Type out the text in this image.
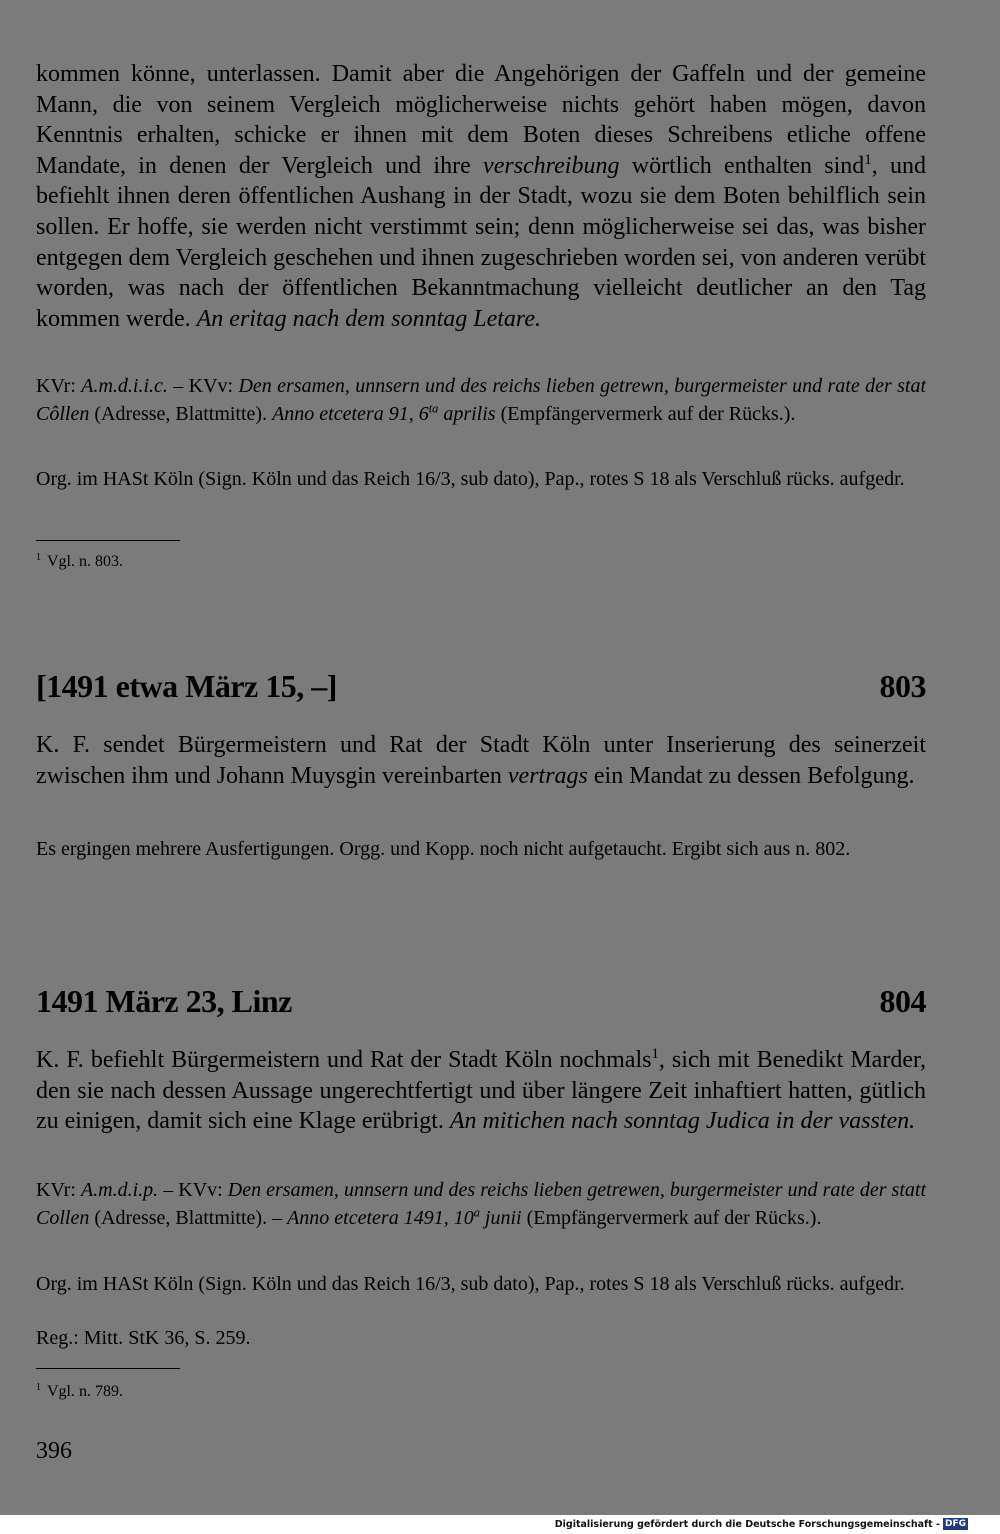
kommen könne, unterlassen. Damit aber die Angehörigen der Gaffeln und der gemeine Mann, die von seinem Vergleich möglicherweise nichts gehört haben mögen, davon Kenntnis erhalten, schicke er ihnen mit dem Boten dieses Schreibens etliche offene Mandate, in denen der Vergleich und ihre verschreibung wörtlich enthalten sind$^1$, und befiehlt ihnen deren öffentlichen Aushang in der Stadt, wozu sie dem Boten behilflich sein sollen. Er hoffe, sie werden nicht verstimmt sein; denn möglicherweise sei das, was bisher entgegen dem Vergleich geschehen und ihnen zugeschrieben worden sei, von anderen verübt worden, was nach der öffentlichen Bekanntmachung vielleicht deutlicher an den Tag kommen werde. An eritag nach dem sonntag Letare.

KVr: A.m.d.i.i.c. – KVv: Den ersamen, unnsern und des reichs lieben getrewn, burgermeister und rate der stat Côllen (Adresse, Blattmitte). Anno etcetera 91, $6^{ta}$ aprilis (Empfängervermerk auf der Rücks.).

Org. im HASt Köln (Sign. Köln und das Reich 16/3, sub dato), Pap., rotes S 18 als Verschluß rücks. aufgedr.

$^1$ Vgl. n. 803.

[1491 etwa März 15, –]	803

K. F. sendet Bürgermeistern und Rat der Stadt Köln unter Inserierung des seinerzeit zwischen ihm und Johann Muysgin vereinbarten vertrags ein Mandat zu dessen Befolgung.

Es ergingen mehrere Ausfertigungen. Orgg. und Kopp. noch nicht aufgetaucht. Ergibt sich aus n. 802.

1491 März 23, Linz	804

K. F. befiehlt Bürgermeistern und Rat der Stadt Köln nochmals$^1$, sich mit Benedikt Marder, den sie nach dessen Aussage ungerechtfertigt und über längere Zeit inhaftiert hatten, gütlich zu einigen, damit sich eine Klage erübrigt. An mitichen nach sonntag Judica in der vassten.

KVr: A.m.d.i.p. – KVv: Den ersamen, unnsern und des reichs lieben getrewen, burgermeister und rate der statt Collen (Adresse, Blattmitte). – Anno etcetera 1491, 10$^a$ junii (Empfängervermerk auf der Rücks.).

Org. im HASt Köln (Sign. Köln und das Reich 16/3, sub dato), Pap., rotes S 18 als Verschluß rücks. aufgedr.

Reg.: Mitt. StK 36, S. 259.

$^1$ Vgl. n. 789.

396
Digitalisierung gefördert durch die Deutsche Forschungsgemeinschaft - DFG
